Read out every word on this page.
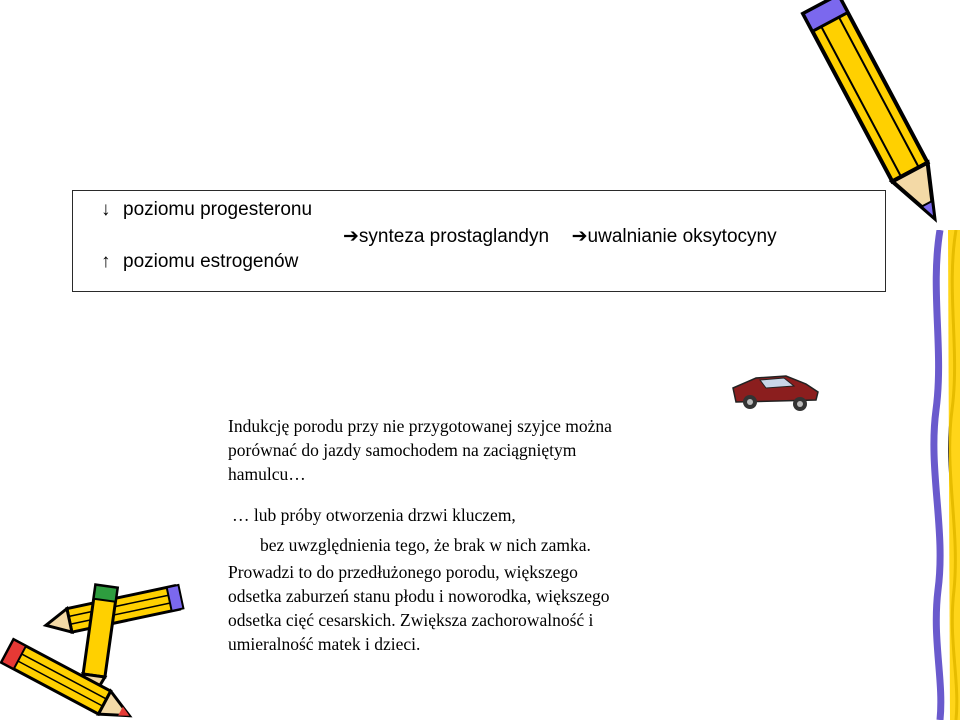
↓ poziomu progesteronu
➔synteza prostaglandyn ➔uwalnianie oksytocyny
↑ poziomu estrogenów
Indukcję porodu przy nie przygotowanej szyjce można
porównać do jazdy samochodem na zaciągniętym
hamulcu…
… lub próby otworzenia drzwi kluczem,
bez uwzględnienia tego, że brak w nich zamka.
Prowadzi to do przedłużonego porodu, większego
odsetka zaburzeń stanu płodu i noworodka, większego
odsetka cięć cesarskich. Zwiększa zachorowalność i
umieralność matek i dzieci.
